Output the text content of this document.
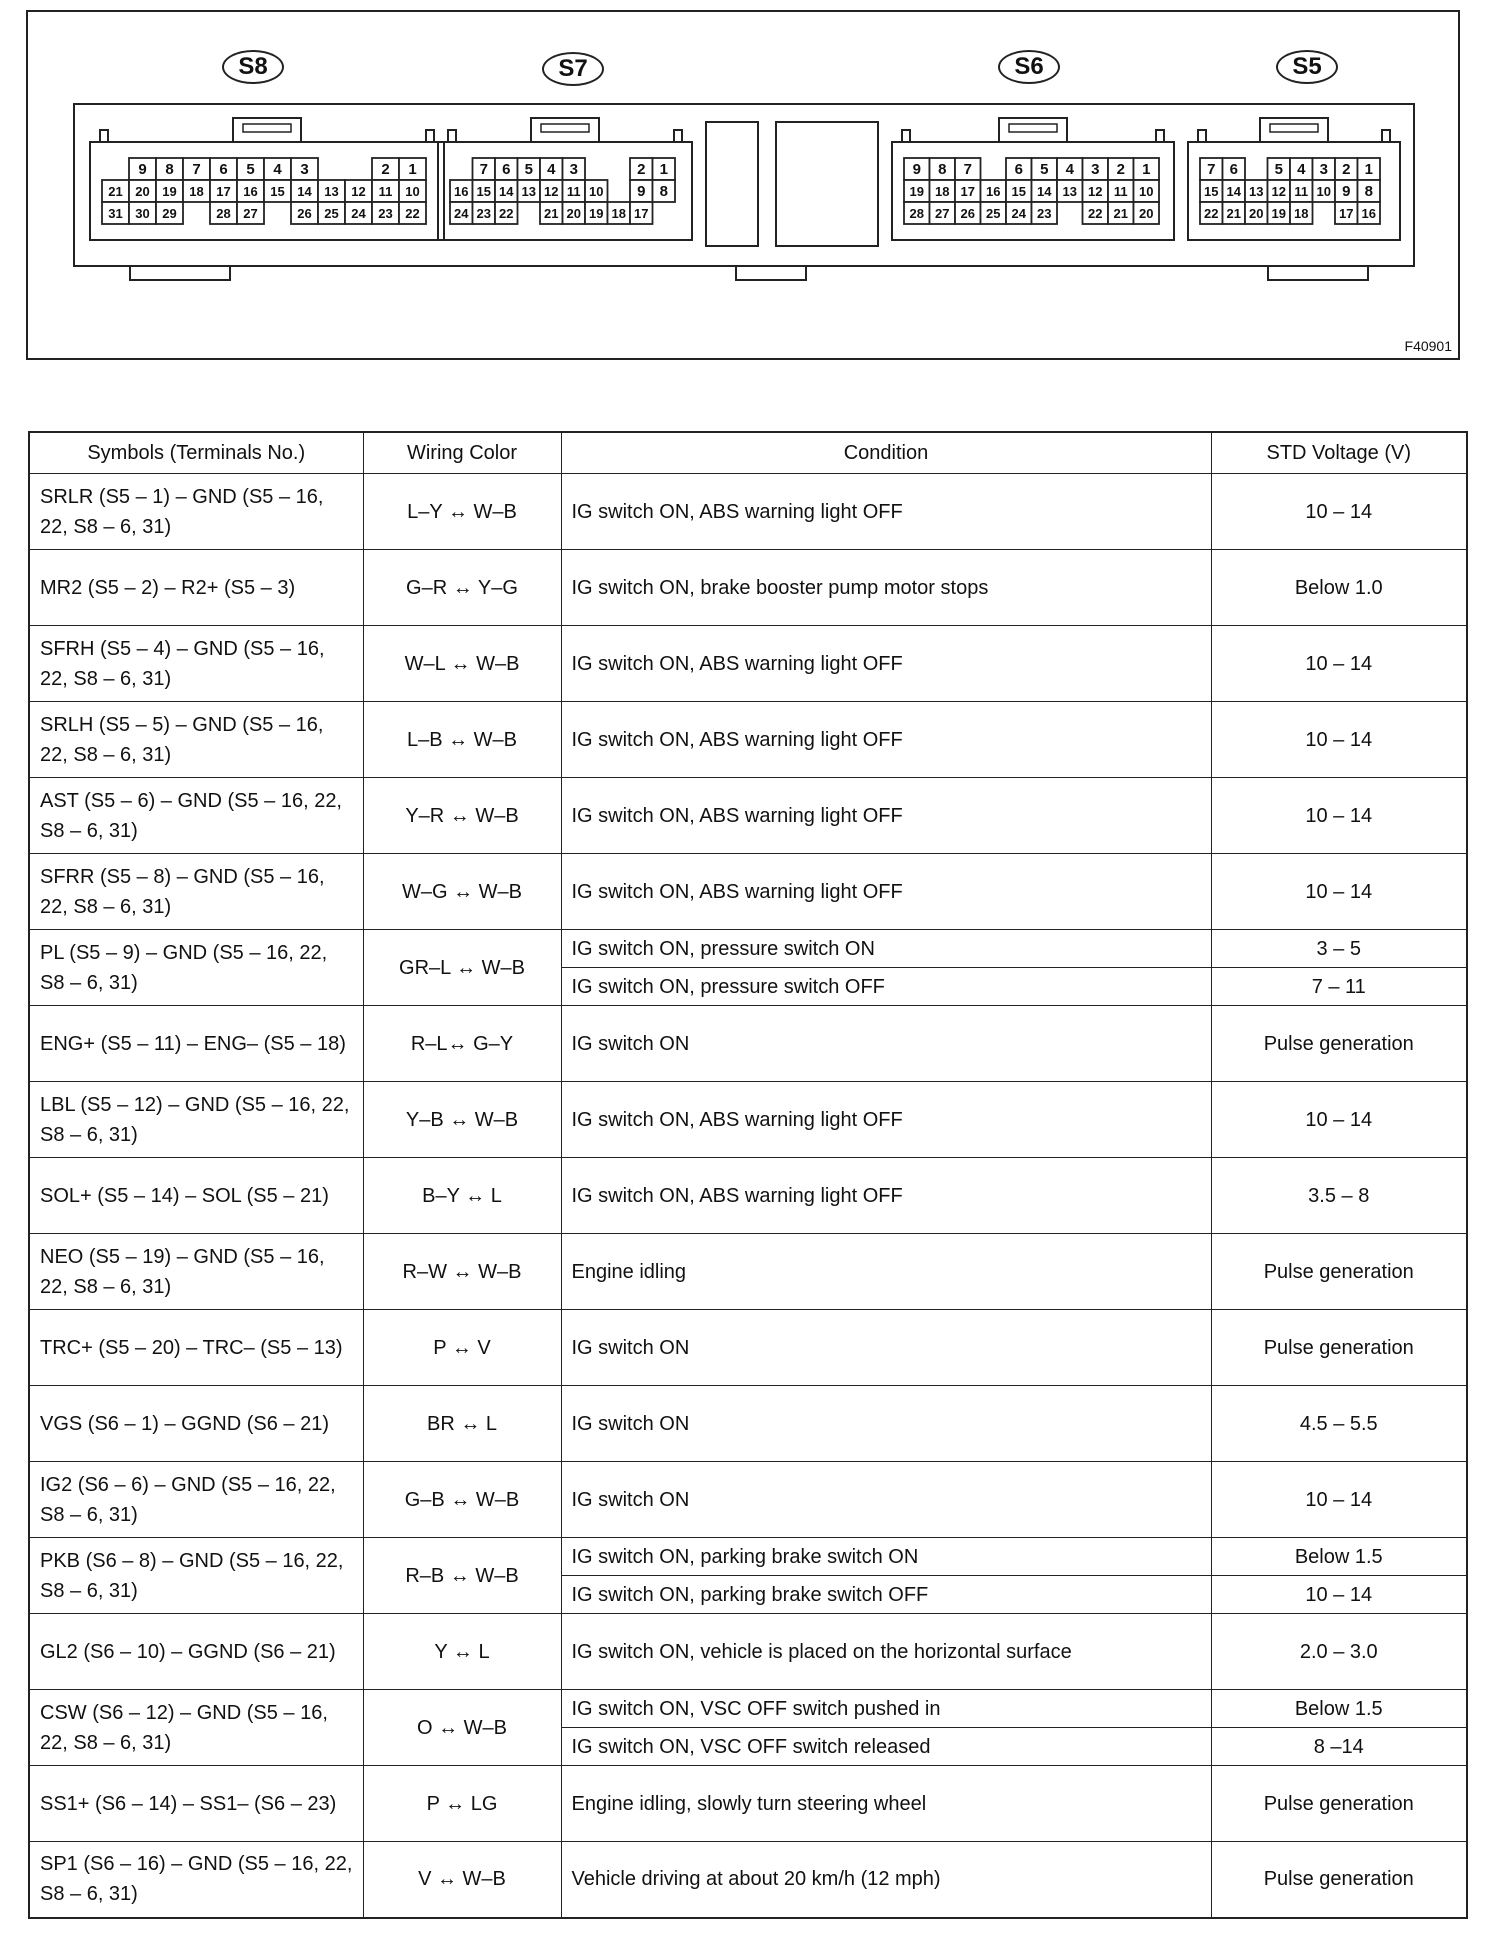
9 8 7 6 5 4 3	2 1
21 20 19 18 17 16 15 14 13 12 11 10
31 30 29	28 27	26 25 24 23 22
7 6 5 4 3	2 1
16 15 14 13 12 11 10 9 8
24 23 22 21 20 19 18 17
9 8 7	6 5 4 3 2 1
19 18 17 16 15 14 13 12 11 10
28 27 26 25 24 23	22 21 20
7 6 5 4 3 2 1
15 14 13 12 11 10 9 8
22 21 20 19 18 17 16
S8	S7	S6	S5
F40901
Symbols (Terminals No.)	Wiring Color	Condition	STD Voltage (V)
SRLR (S5 – 1) – GND (S5 – 16, 22, S8 – 6, 31)	L–Y ↔ W–B	IG switch ON, ABS warning light OFF	10 – 14
MR2 (S5 – 2) – R2+ (S5 – 3)	G–R ↔ Y–G	IG switch ON, brake booster pump motor stops	Below 1.0
SFRH (S5 – 4) – GND (S5 – 16, 22, S8 – 6, 31)	W–L ↔ W–B	IG switch ON, ABS warning light OFF	10 – 14
SRLH (S5 – 5) – GND (S5 – 16, 22, S8 – 6, 31)	L–B ↔ W–B	IG switch ON, ABS warning light OFF	10 – 14
AST (S5 – 6) – GND (S5 – 16, 22, S8 – 6, 31)	Y–R ↔ W–B	IG switch ON, ABS warning light OFF	10 – 14
SFRR (S5 – 8) – GND (S5 – 16, 22, S8 – 6, 31)	W–G ↔ W–B	IG switch ON, ABS warning light OFF	10 – 14
PL (S5 – 9) – GND (S5 – 16, 22, S8 – 6, 31)	GR–L ↔ W–B	IG switch ON, pressure switch ON	3 – 5
		IG switch ON, pressure switch OFF	7 – 11
ENG+ (S5 – 11) – ENG– (S5 – 18)	R–L↔ G–Y	IG switch ON	Pulse generation
LBL (S5 – 12) – GND (S5 – 16, 22, S8 – 6, 31)	Y–B ↔ W–B	IG switch ON, ABS warning light OFF	10 – 14
SOL+ (S5 – 14) – SOL (S5 – 21)	B–Y ↔ L	IG switch ON, ABS warning light OFF	3.5 – 8
NEO (S5 – 19) – GND (S5 – 16, 22, S8 – 6, 31)	R–W ↔ W–B	Engine idling	Pulse generation
TRC+ (S5 – 20) – TRC– (S5 – 13)	P ↔ V	IG switch ON	Pulse generation
VGS (S6 – 1) – GGND (S6 – 21)	BR ↔ L	IG switch ON	4.5 – 5.5
IG2 (S6 – 6) – GND (S5 – 16, 22, S8 – 6, 31)	G–B ↔ W–B	IG switch ON	10 – 14
PKB (S6 – 8) – GND (S5 – 16, 22, S8 – 6, 31)	R–B ↔ W–B	IG switch ON, parking brake switch ON	Below 1.5
		IG switch ON, parking brake switch OFF	10 – 14
GL2 (S6 – 10) – GGND (S6 – 21)	Y ↔ L	IG switch ON, vehicle is placed on the horizontal surface	2.0 – 3.0
CSW (S6 – 12) – GND (S5 – 16, 22, S8 – 6, 31)	O ↔ W–B	IG switch ON, VSC OFF switch pushed in	Below 1.5
		IG switch ON, VSC OFF switch released	8 –14
SS1+ (S6 – 14) – SS1– (S6 – 23)	P ↔ LG	Engine idling, slowly turn steering wheel	Pulse generation
SP1 (S6 – 16) – GND (S5 – 16, 22, S8 – 6, 31)	V ↔ W–B	Vehicle driving at about 20 km/h (12 mph)	Pulse generation
